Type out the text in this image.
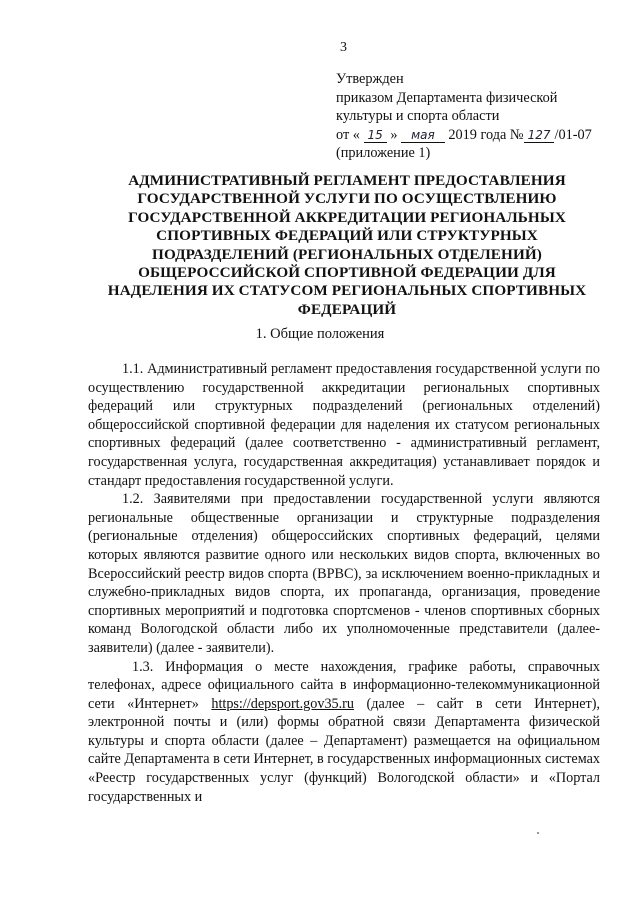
3
Утвержден
приказом Департамента физической
культуры и спорта области
от « 15 » мая 2019 года № 127 /01-07
(приложение 1)
АДМИНИСТРАТИВНЫЙ РЕГЛАМЕНТ ПРЕДОСТАВЛЕНИЯ
ГОСУДАРСТВЕННОЙ УСЛУГИ ПО ОСУЩЕСТВЛЕНИЮ
ГОСУДАРСТВЕННОЙ АККРЕДИТАЦИИ РЕГИОНАЛЬНЫХ
СПОРТИВНЫХ ФЕДЕРАЦИЙ ИЛИ СТРУКТУРНЫХ
ПОДРАЗДЕЛЕНИЙ (РЕГИОНАЛЬНЫХ ОТДЕЛЕНИЙ)
ОБЩЕРОССИЙСКОЙ СПОРТИВНОЙ ФЕДЕРАЦИИ ДЛЯ
НАДЕЛЕНИЯ ИХ СТАТУСОМ РЕГИОНАЛЬНЫХ СПОРТИВНЫХ
ФЕДЕРАЦИЙ
1. Общие положения

1.1. Административный регламент предоставления государственной услуги по осуществлению государственной аккредитации региональных спортивных федераций или структурных подразделений (региональных отделений) общероссийской спортивной федерации для наделения их статусом региональных спортивных федераций (далее соответственно - административный регламент, государственная услуга, государственная аккредитация) устанавливает порядок и стандарт предоставления государственной услуги.

1.2. Заявителями при предоставлении государственной услуги являются региональные общественные организации и структурные подразделения (региональные отделения) общероссийских спортивных федераций, целями которых являются развитие одного или нескольких видов спорта, включенных во Всероссийский реестр видов спорта (ВРВС), за исключением военно-прикладных и служебно-прикладных видов спорта, их пропаганда, организация, проведение спортивных мероприятий и подготовка спортсменов - членов спортивных сборных команд Вологодской области либо их уполномоченные представители (далее-заявители) (далее - заявители).

1.3. Информация о месте нахождения, графике работы, справочных телефонах, адресе официального сайта в информационно-телекоммуникационной сети «Интернет» https://depsport.gov35.ru (далее – сайт в сети Интернет), электронной почты и (или) формы обратной связи Департамента физической культуры и спорта области (далее – Департамент) размещается на официальном сайте Департамента в сети Интернет, в государственных информационных системах «Реестр государственных услуг (функций) Вологодской области» и «Портал государственных и
